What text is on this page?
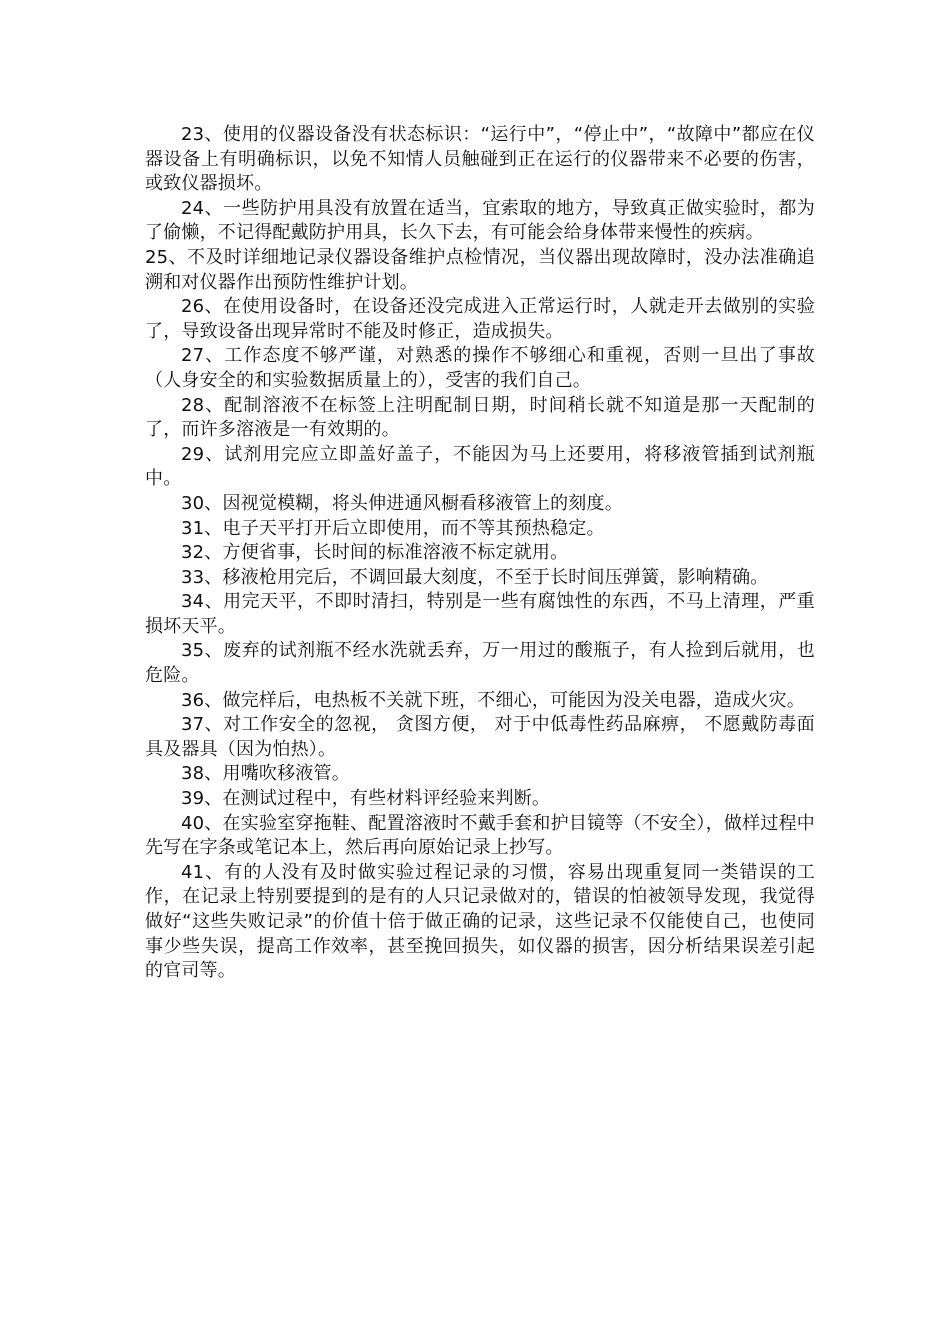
23、使用的仪器设备没有状态标识：“运行中”，“停止中”，“故障中”都应在仪器设备上有明确标识，以免不知情人员触碰到正在运行的仪器带来不必要的伤害，或致仪器损坏。

24、一些防护用具没有放置在适当，宜索取的地方，导致真正做实验时，都为了偷懒，不记得配戴防护用具，长久下去，有可能会给身体带来慢性的疾病。

25、不及时详细地记录仪器设备维护点检情况，当仪器出现故障时，没办法准确追溯和对仪器作出预防性维护计划。

26、在使用设备时，在设备还没完成进入正常运行时，人就走开去做别的实验了，导致设备出现异常时不能及时修正，造成损失。

27、工作态度不够严谨，对熟悉的操作不够细心和重视，否则一旦出了事故（人身安全的和实验数据质量上的），受害的我们自己。

28、配制溶液不在标签上注明配制日期，时间稍长就不知道是那一天配制的了，而许多溶液是一有效期的。

29、试剂用完应立即盖好盖子，不能因为马上还要用，将移液管插到试剂瓶中。

30、因视觉模糊，将头伸进通风橱看移液管上的刻度。

31、电子天平打开后立即使用，而不等其预热稳定。

32、方便省事，长时间的标准溶液不标定就用。

33、移液枪用完后，不调回最大刻度，不至于长时间压弹簧，影响精确。

34、用完天平，不即时清扫，特别是一些有腐蚀性的东西，不马上清理，严重损坏天平。

35、废弃的试剂瓶不经水洗就丢弃，万一用过的酸瓶子，有人捡到后就用，也危险。

36、做完样后，电热板不关就下班，不细心，可能因为没关电器，造成火灾。

37、对工作安全的忽视， 贪图方便， 对于中低毒性药品麻痹， 不愿戴防毒面具及器具（因为怕热）。

38、用嘴吹移液管。

39、在测试过程中，有些材料评经验来判断。

40、在实验室穿拖鞋、配置溶液时不戴手套和护目镜等（不安全），做样过程中先写在字条或笔记本上，然后再向原始记录上抄写。

41、有的人没有及时做实验过程记录的习惯，容易出现重复同一类错误的工作，在记录上特别要提到的是有的人只记录做对的，错误的怕被领导发现，我觉得做好“这些失败记录”的价值十倍于做正确的记录，这些记录不仅能使自己，也使同事少些失误，提高工作效率，甚至挽回损失，如仪器的损害，因分析结果误差引起的官司等。
